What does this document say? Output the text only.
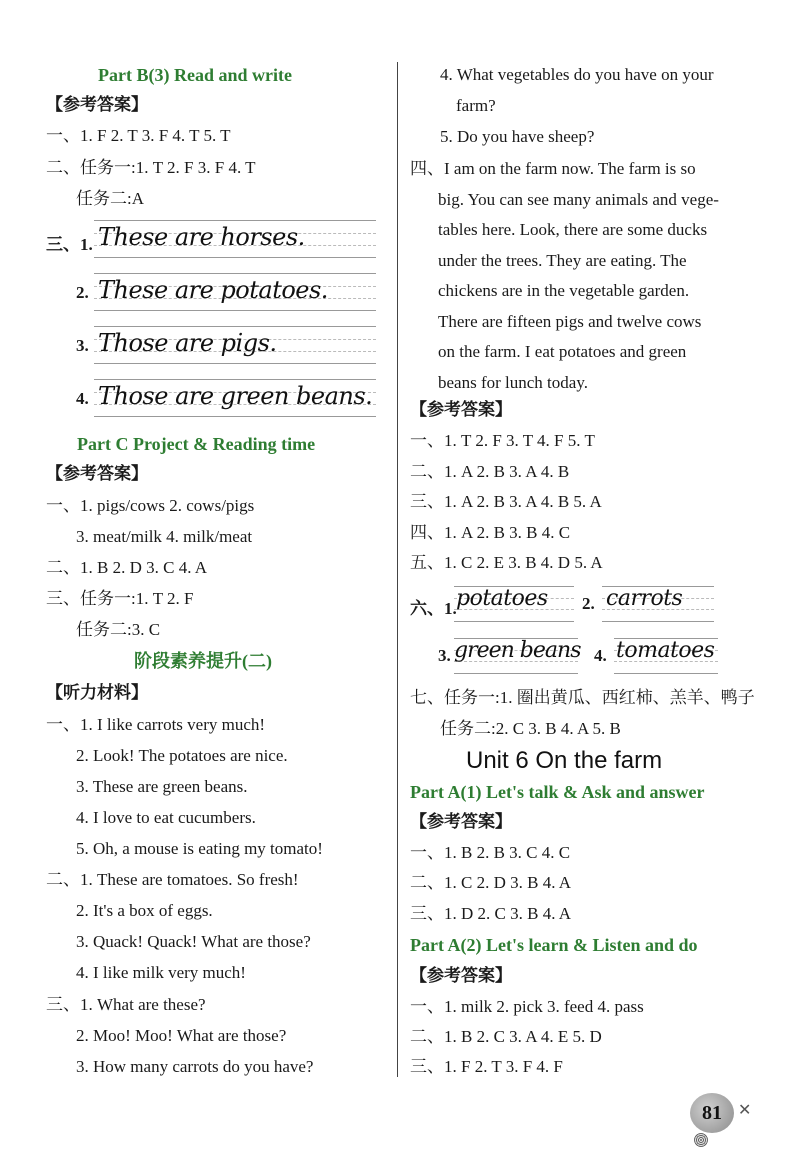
Part B(3) Read and write
【参考答案】
一、1. F 2. T 3. F 4. T 5. T
二、任务一:1. T 2. F 3. F 4. T
任务二:A
三、1. These are horses.
2. These are potatoes.
3. Those are pigs.
4. Those are green beans.
Part C Project & Reading time
【参考答案】
一、1. pigs/cows 2. cows/pigs
3. meat/milk 4. milk/meat
二、1. B 2. D 3. C 4. A
三、任务一:1. T 2. F
任务二:3. C
阶段素养提升(二)
【听力材料】
一、1. I like carrots very much!
2. Look! The potatoes are nice.
3. These are green beans.
4. I love to eat cucumbers.
5. Oh, a mouse is eating my tomato!
二、1. These are tomatoes. So fresh!
2. It's a box of eggs.
3. Quack! Quack! What are those?
4. I like milk very much!
三、1. What are these?
2. Moo! Moo! What are those?
3. How many carrots do you have?
4. What vegetables do you have on your
farm?
5. Do you have sheep?
四、I am on the farm now. The farm is so
big. You can see many animals and vege-
tables here. Look, there are some ducks
under the trees. They are eating. The
chickens are in the vegetable garden.
There are fifteen pigs and twelve cows
on the farm. I eat potatoes and green
beans for lunch today.
【参考答案】
一、1. T 2. F 3. T 4. F 5. T
二、1. A 2. B 3. A 4. B
三、1. A 2. B 3. A 4. B 5. A
四、1. A 2. B 3. B 4. C
五、1. C 2. E 3. B 4. D 5. A
六、1. potatoes 2. carrots
3. green beans 4. tomatoes
七、任务一:1. 圈出黄瓜、西红柿、羔羊、鸭子
任务二:2. C 3. B 4. A 5. B
Unit 6 On the farm
Part A(1) Let's talk & Ask and answer
【参考答案】
一、1. B 2. B 3. C 4. C
二、1. C 2. D 3. B 4. A
三、1. D 2. C 3. B 4. A
Part A(2) Let's learn & Listen and do
【参考答案】
一、1. milk 2. pick 3. feed 4. pass
二、1. B 2. C 3. A 4. E 5. D
三、1. F 2. T 3. F 4. F
81	✕
